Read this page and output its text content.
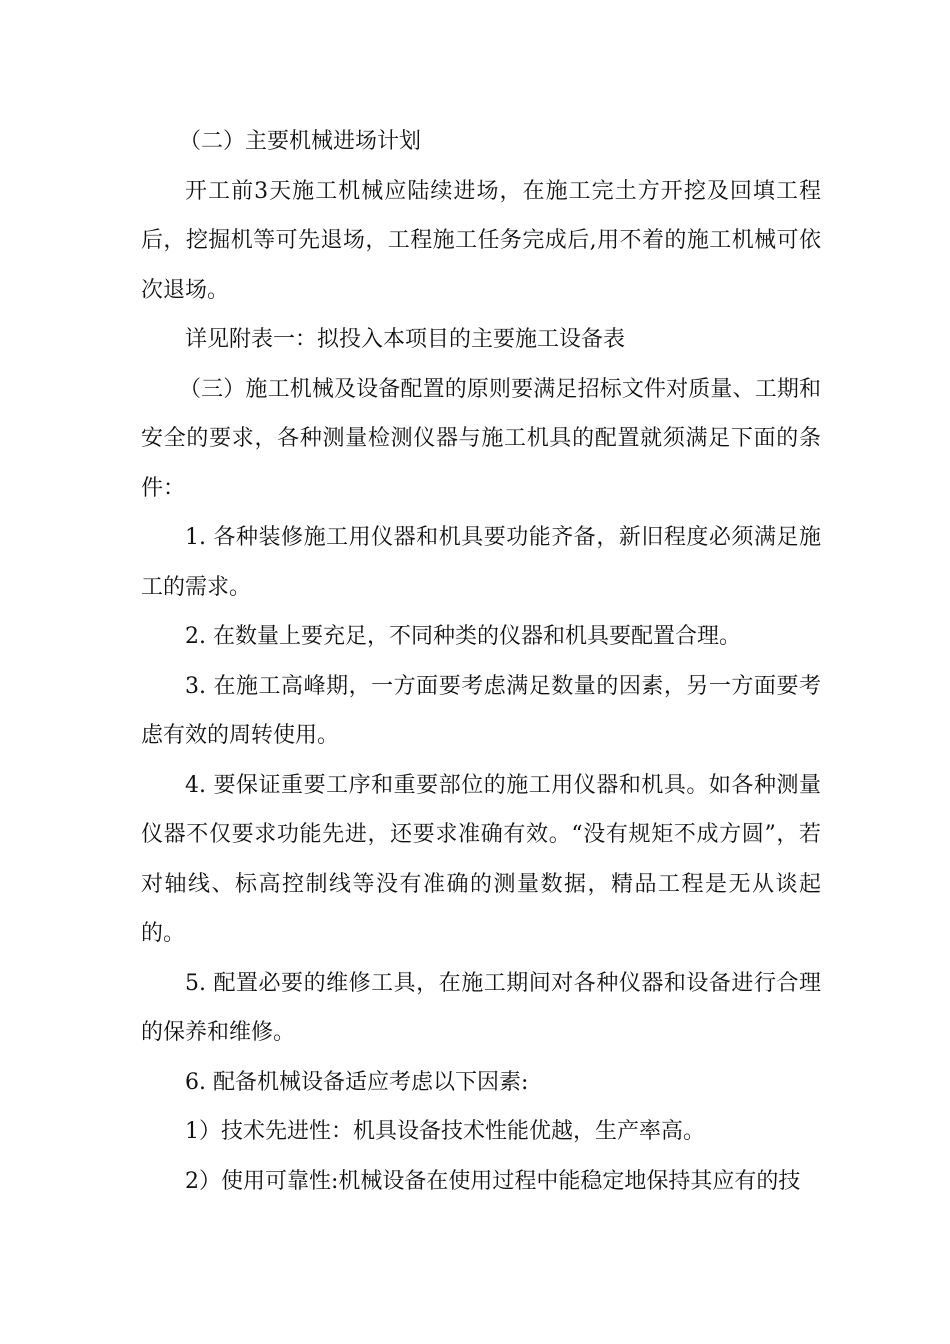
（二）主要机械进场计划

开工前3天施工机械应陆续进场，在施工完土方开挖及回填工程后，挖掘机等可先退场，工程施工任务完成后,用不着的施工机械可依次退场。

详见附表一：拟投入本项目的主要施工设备表

（三）施工机械及设备配置的原则要满足招标文件对质量、工期和安全的要求，各种测量检测仪器与施工机具的配置就须满足下面的条件：

1. 各种装修施工用仪器和机具要功能齐备，新旧程度必须满足施工的需求。

2. 在数量上要充足，不同种类的仪器和机具要配置合理。

3. 在施工高峰期，一方面要考虑满足数量的因素，另一方面要考虑有效的周转使用。

4. 要保证重要工序和重要部位的施工用仪器和机具。如各种测量仪器不仅要求功能先进，还要求准确有效。“没有规矩不成方圆”，若对轴线、标高控制线等没有准确的测量数据，精品工程是无从谈起的。

5. 配置必要的维修工具，在施工期间对各种仪器和设备进行合理的保养和维修。

6. 配备机械设备适应考虑以下因素:

1）技术先进性：机具设备技术性能优越，生产率高。

2）使用可靠性:机械设备在使用过程中能稳定地保持其应有的技
